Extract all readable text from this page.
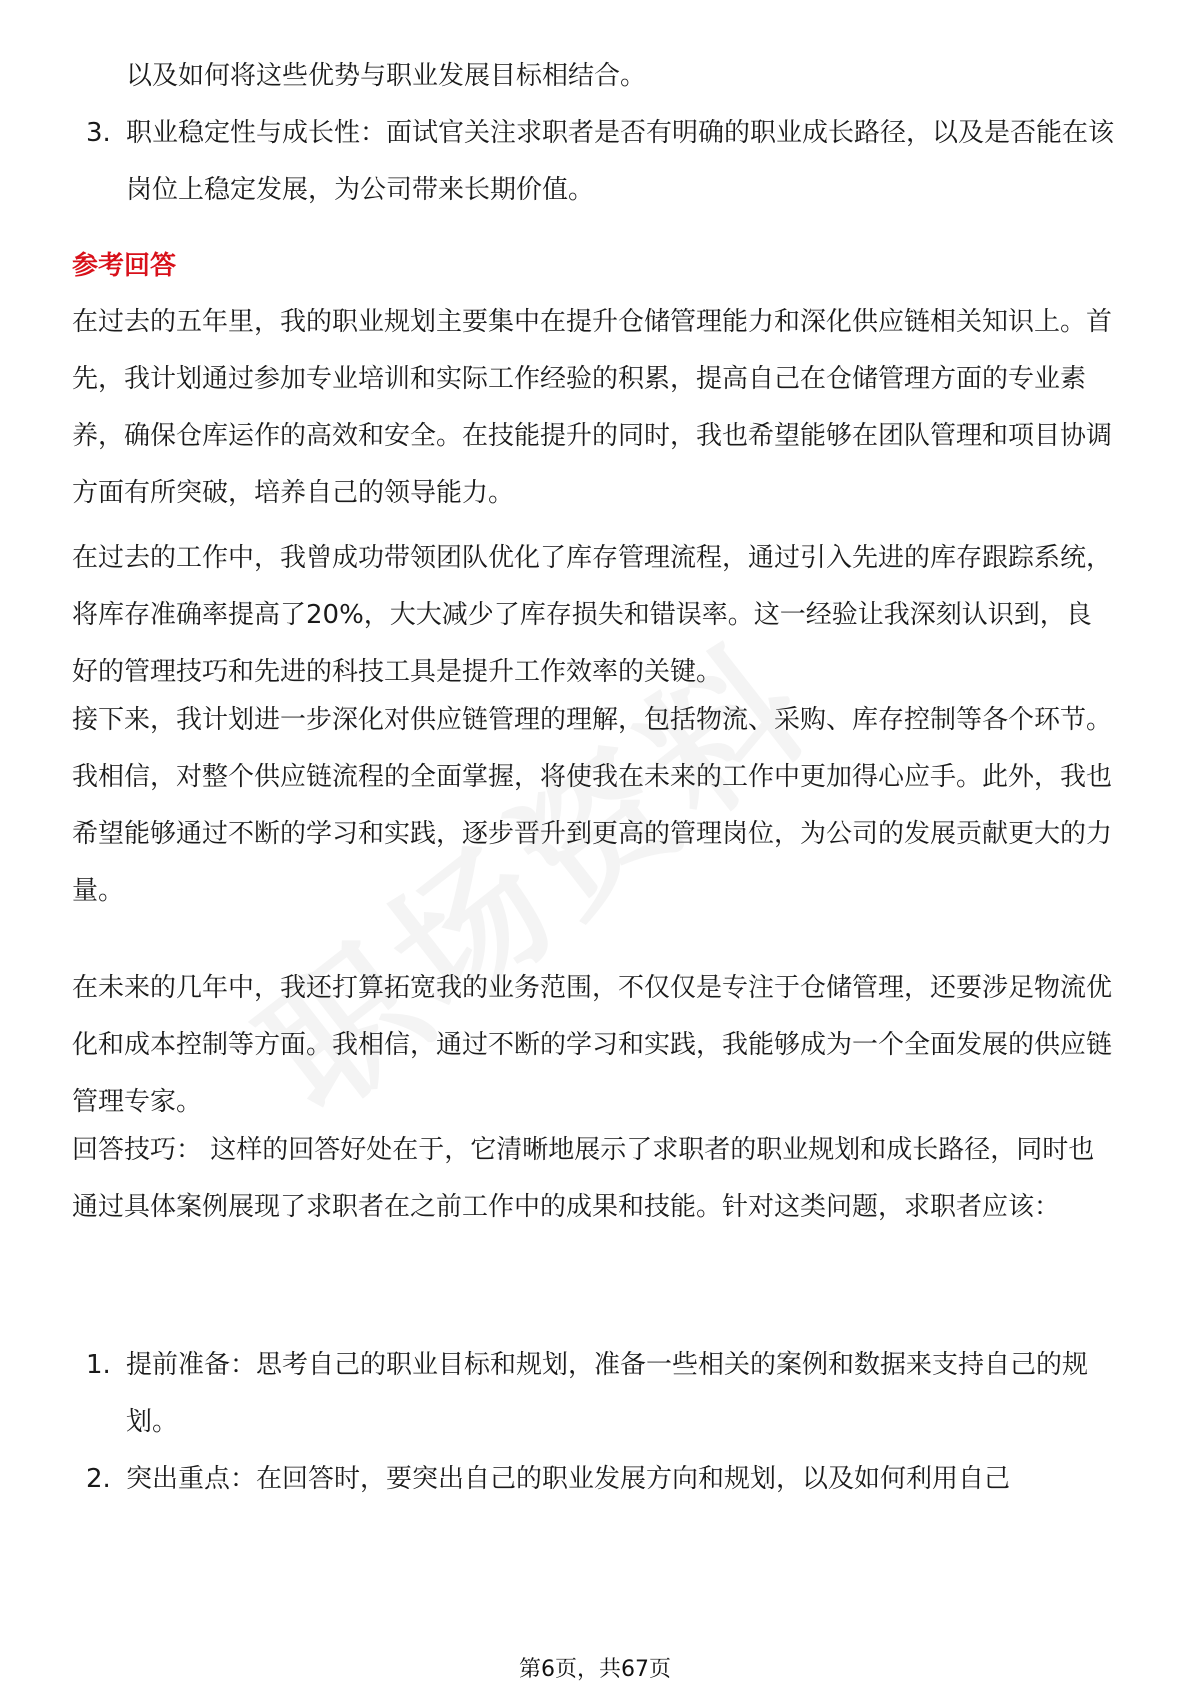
以及如何将这些优势与职业发展目标相结合。
3. 职业稳定性与成长性：面试官关注求职者是否有明确的职业成长路径，以及是否能在该岗位上稳定发展，为公司带来长期价值。
参考回答

在过去的五年里，我的职业规划主要集中在提升仓储管理能力和深化供应链相关知识上。首先，我计划通过参加专业培训和实际工作经验的积累，提高自己在仓储管理方面的专业素养，确保仓库运作的高效和安全。在技能提升的同时，我也希望能够在团队管理和项目协调方面有所突破，培养自己的领导能力。

在过去的工作中，我曾成功带领团队优化了库存管理流程，通过引入先进的库存跟踪系统，将库存准确率提高了20%，大大减少了库存损失和错误率。这一经验让我深刻认识到，良好的管理技巧和先进的科技工具是提升工作效率的关键。

接下来，我计划进一步深化对供应链管理的理解，包括物流、采购、库存控制等各个环节。我相信，对整个供应链流程的全面掌握，将使我在未来的工作中更加得心应手。此外，我也希望能够通过不断的学习和实践，逐步晋升到更高的管理岗位，为公司的发展贡献更大的力量。

在未来的几年中，我还打算拓宽我的业务范围，不仅仅是专注于仓储管理，还要涉足物流优化和成本控制等方面。我相信，通过不断的学习和实践，我能够成为一个全面发展的供应链管理专家。

回答技巧： 这样的回答好处在于，它清晰地展示了求职者的职业规划和成长路径，同时也通过具体案例展现了求职者在之前工作中的成果和技能。针对这类问题，求职者应该：

1. 提前准备：思考自己的职业目标和规划，准备一些相关的案例和数据来支持自己的规划。
2. 突出重点：在回答时，要突出自己的职业发展方向和规划，以及如何利用自己
第6页，共67页
